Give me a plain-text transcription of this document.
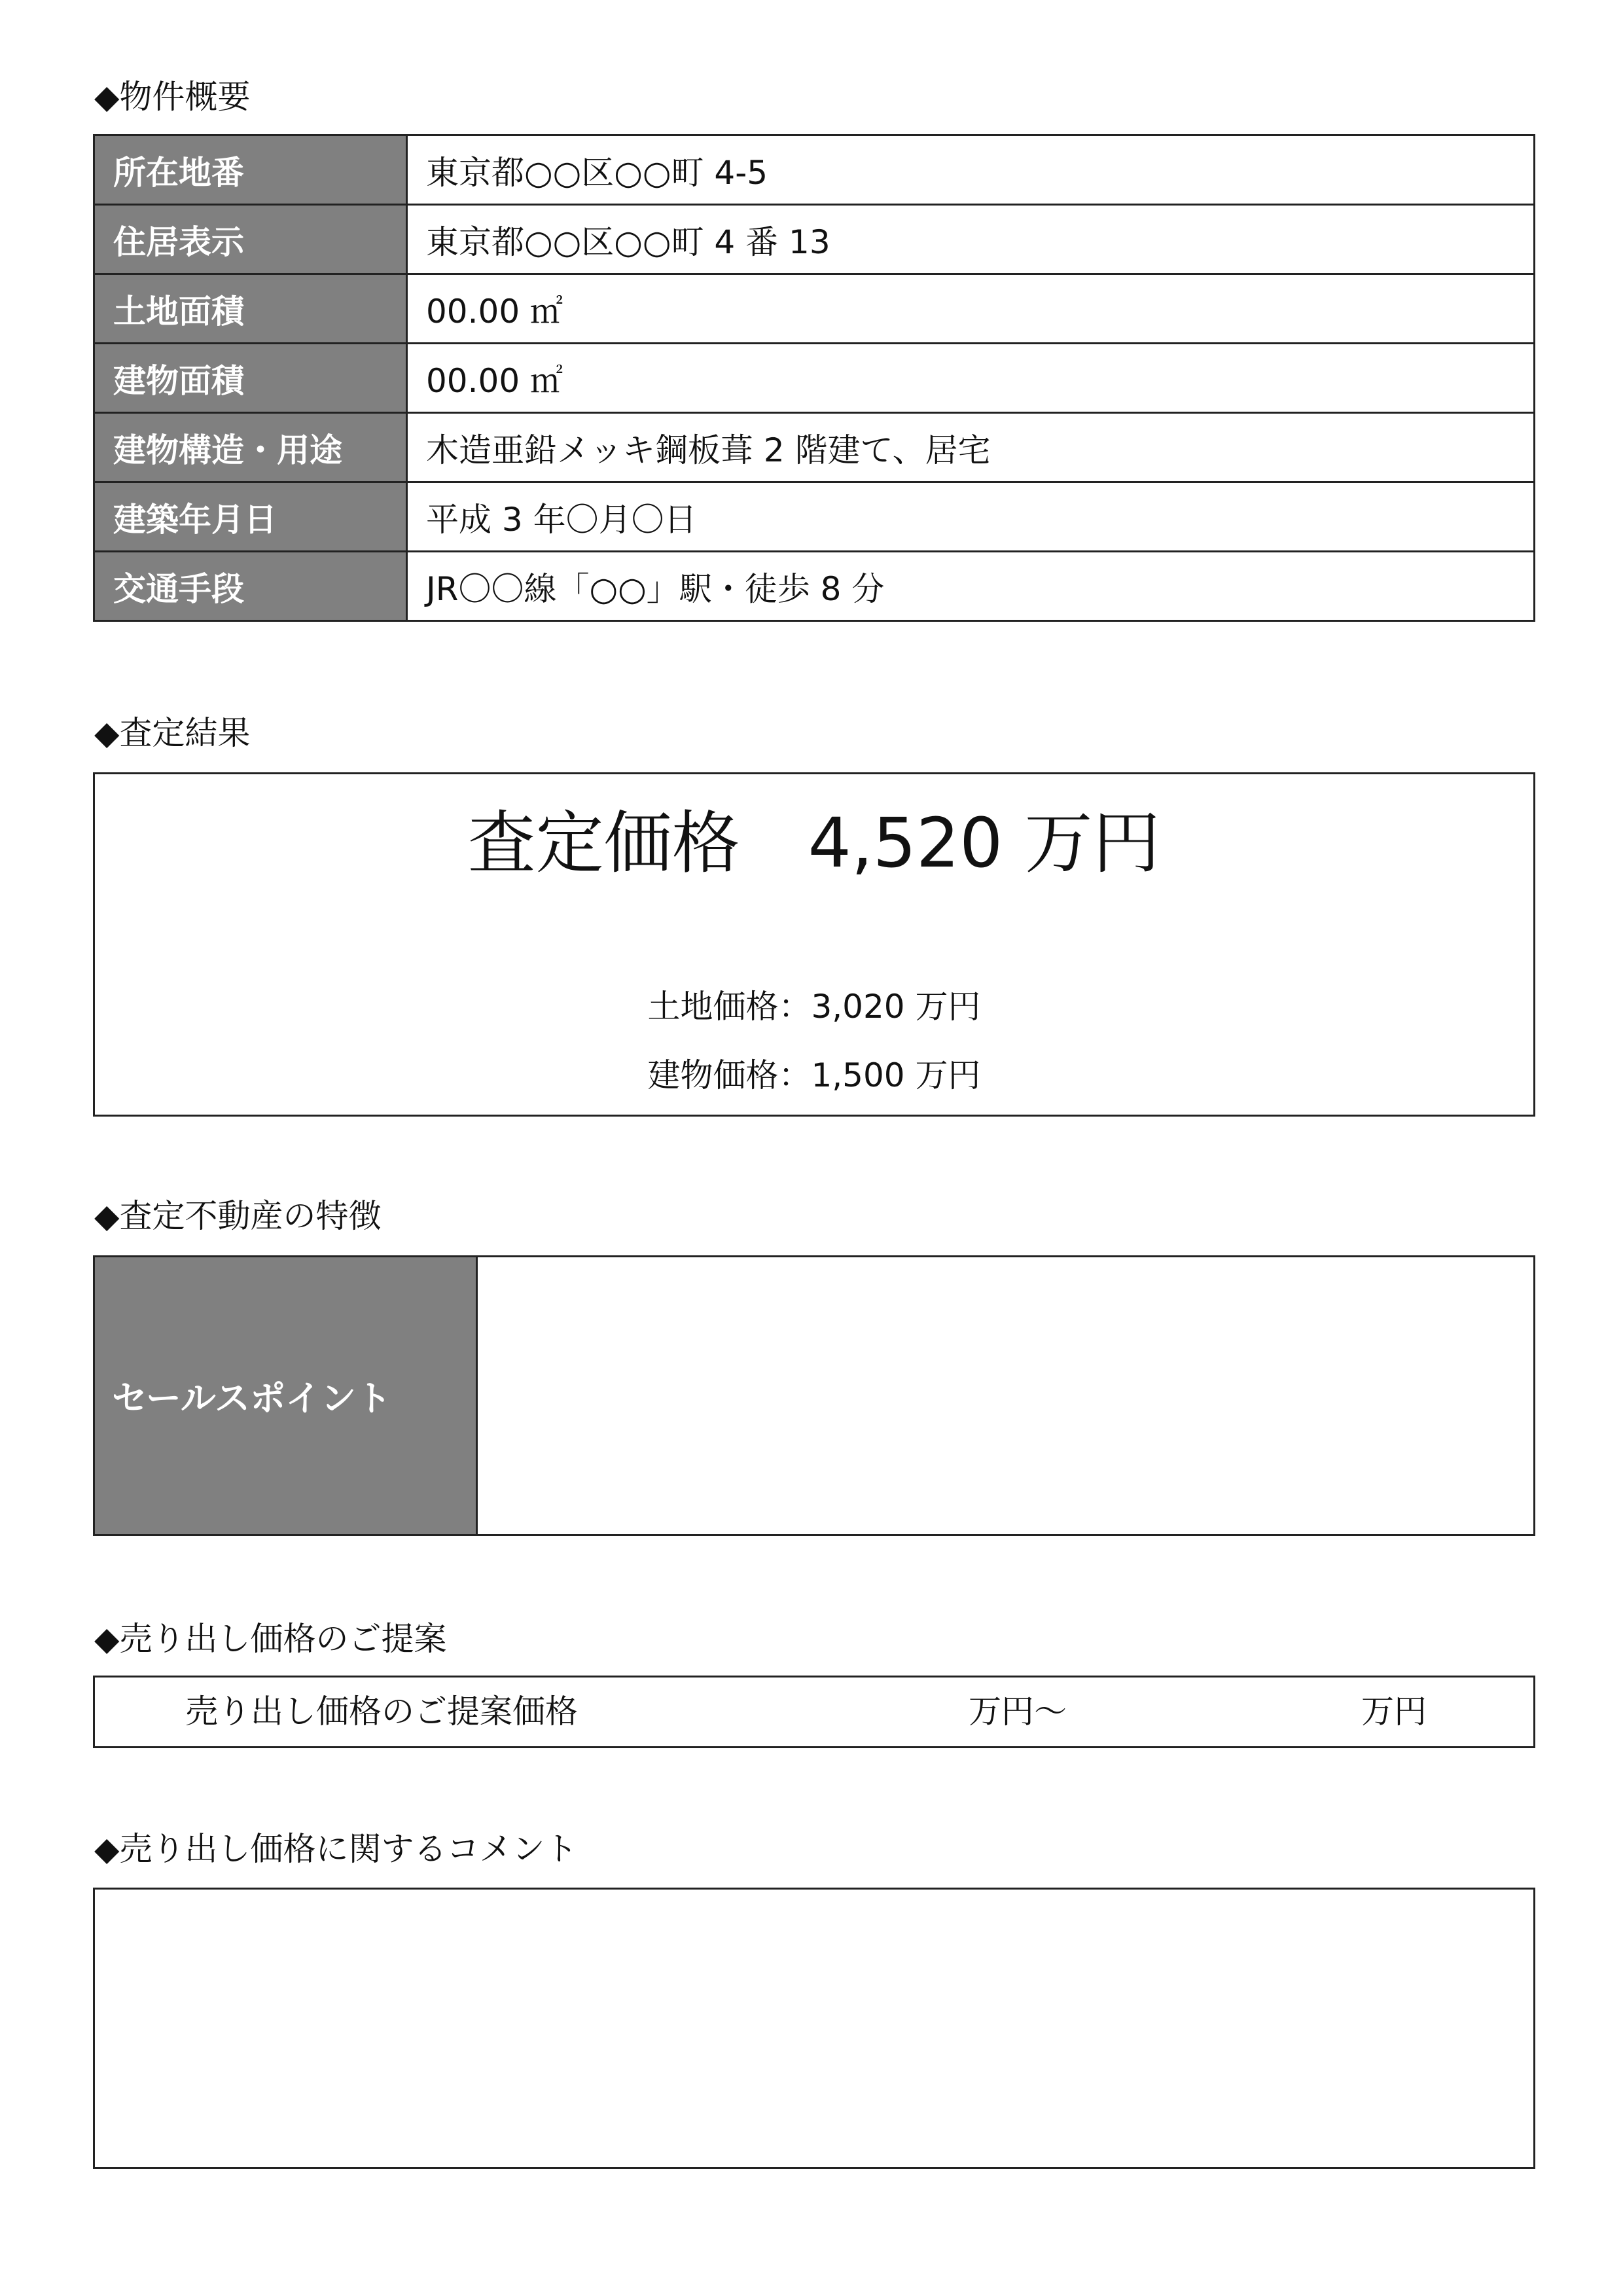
◆物件概要
所在地番	東京都○○区○○町 4-5
住居表示	東京都○○区○○町 4 番 13
土地面積	00.00 ㎡
建物面積	00.00 ㎡
建物構造・用途	木造亜鉛メッキ鋼板葺 2 階建て、居宅
建築年月日	平成 3 年〇月〇日
交通手段	JR〇〇線「○○」駅・徒歩 8 分
◆査定結果
査定価格　4,520 万円
土地価格：3,020 万円
建物価格：1,500 万円
◆査定不動産の特徴
セールスポイント
◆売り出し価格のご提案
売り出し価格のご提案価格	万円～	万円
◆売り出し価格に関するコメント
